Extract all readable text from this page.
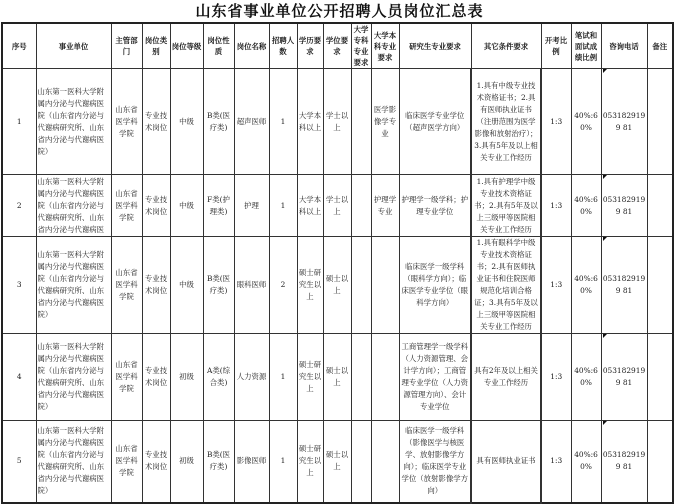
山东省事业单位公开招聘人员岗位汇总表
序号	事业单位	主管部门	岗位类别	岗位等级	岗位性质	岗位名称	招聘人数	学历要求	学位要求	大学专科专业要求	大学本科专业要求	研究生专业要求	其它条件要求	开考比例	笔试和面试成绩比例	咨询电话	备注
1	山东第一医科大学附属内分泌与代谢病医院（山东省内分泌与代谢病研究所、山东省内分泌与代谢病医院）	山东省医学科学院	专业技术岗位	中级	B类(医疗类)	超声医师	1	大学本科以上	学士以上		医学影像学专业	临床医学专业学位（超声医学方向）	1.具有中级专业技术资格证书；2.具有医师执业证书（注册范围为医学影像和放射治疗）；3.具有5年及以上相关专业工作经历	1:3	40%:60%	0531829199 81	
2	山东第一医科大学附属内分泌与代谢病医院（山东省内分泌与代谢病研究所、山东省内分泌与代谢病医	山东省医学科学院	专业技术岗位	中级	F类(护理类)	护理	1	大学本科以上	学士以上		护理学专业	护理学一级学科；护理专业学位	1.具有护理学中级专业技术资格证书；2.具有5年及以上三级甲等医院相关专业工作经历	1:3	40%:60%	0531829199 81	
3	山东第一医科大学附属内分泌与代谢病医院（山东省内分泌与代谢病研究所、山东省内分泌与代谢病医院）	山东省医学科学院	专业技术岗位	中级	B类(医疗类)	眼科医师	2	硕士研究生以上	硕士以上			临床医学一级学科（眼科学方向）；临床医学专业学位（眼科学方向）	1.具有眼科学中级专业技术资格证书；2.具有医师执业证书和住院医师规范化培训合格证；3.具有5年及以上三级甲等医院相关专业工作经历	1:3	40%:60%	0531829199 81	
4	山东第一医科大学附属内分泌与代谢病医院（山东省内分泌与代谢病研究所、山东省内分泌与代谢病医院）	山东省医学科学院	专业技术岗位	初级	A类(综合类)	人力资源	1	硕士研究生以上	硕士以上			工商管理学一级学科（人力资源管理、会计学方向）；工商管理专业学位（人力资源管理方向）、会计专业学位	具有2年及以上相关专业工作经历	1:3	40%:60%	0531829199 81	
5	山东第一医科大学附属内分泌与代谢病医院（山东省内分泌与代谢病研究所、山东省内分泌与代谢病医院）	山东省医学科学院	专业技术岗位	初级	B类(医疗类)	影像医师	1	硕士研究生以上	硕士以上			临床医学一级学科（影像医学与核医学、放射影像学方向）；临床医学专业学位（放射影像学方向）	具有医师执业证书	1:3	40%:60%	0531829199 81	
